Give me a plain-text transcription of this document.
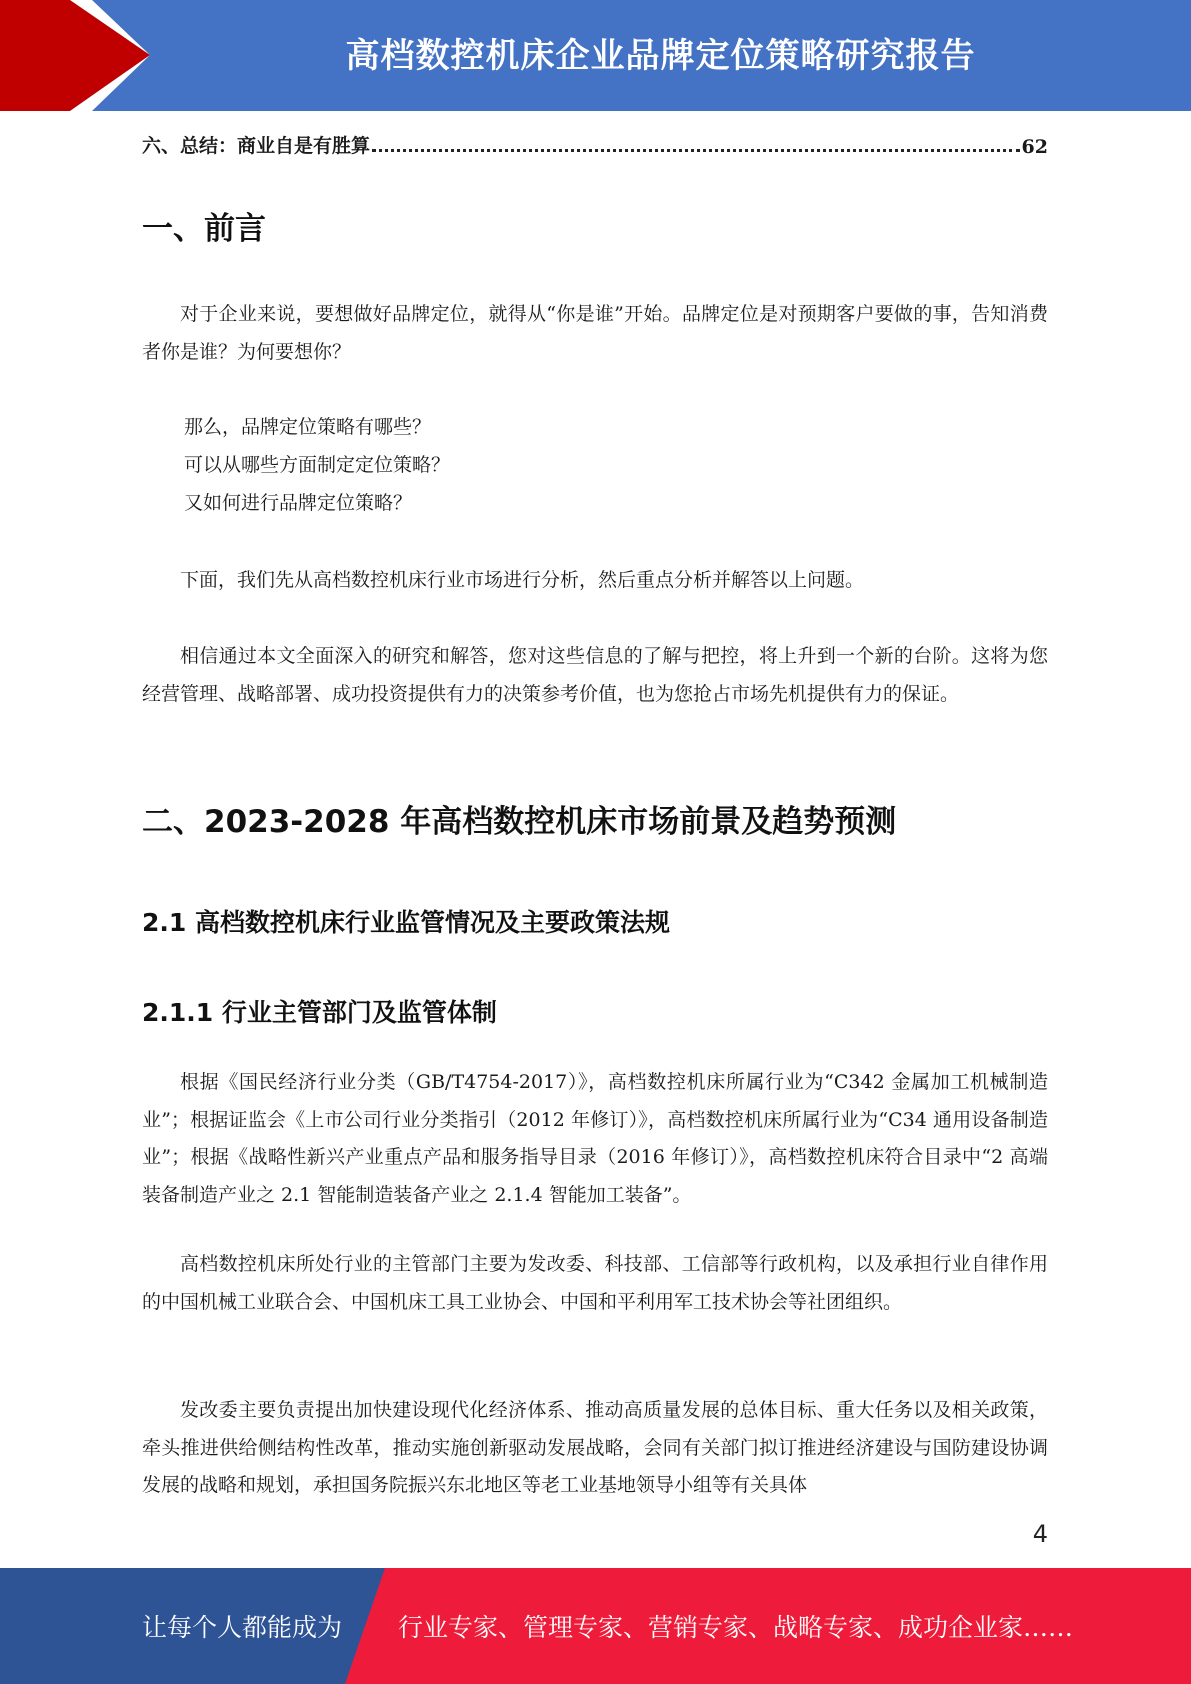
高档数控机床企业品牌定位策略研究报告
六、总结：商业自是有胜算	62
一、前言

对于企业来说，要想做好品牌定位，就得从“你是谁”开始。品牌定位是对预期客户要做的事，告知消费者你是谁？为何要想你？

那么，品牌定位策略有哪些？
可以从哪些方面制定定位策略？
又如何进行品牌定位策略？

下面，我们先从高档数控机床行业市场进行分析，然后重点分析并解答以上问题。

相信通过本文全面深入的研究和解答，您对这些信息的了解与把控，将上升到一个新的台阶。这将为您经营管理、战略部署、成功投资提供有力的决策参考价值，也为您抢占市场先机提供有力的保证。

二、2023-2028 年高档数控机床市场前景及趋势预测
2.1 高档数控机床行业监管情况及主要政策法规
2.1.1 行业主管部门及监管体制

根据《国民经济行业分类（GB/T4754-2017）》，高档数控机床所属行业为“C342 金属加工机械制造业”；根据证监会《上市公司行业分类指引（2012 年修订）》，高档数控机床所属行业为“C34 通用设备制造业”；根据《战略性新兴产业重点产品和服务指导目录（2016 年修订）》，高档数控机床符合目录中“2 高端装备制造产业之 2.1 智能制造装备产业之 2.1.4 智能加工装备”。

高档数控机床所处行业的主管部门主要为发改委、科技部、工信部等行政机构，以及承担行业自律作用的中国机械工业联合会、中国机床工具工业协会、中国和平利用军工技术协会等社团组织。

发改委主要负责提出加快建设现代化经济体系、推动高质量发展的总体目标、重大任务以及相关政策，牵头推进供给侧结构性改革，推动实施创新驱动发展战略，会同有关部门拟订推进经济建设与国防建设协调发展的战略和规划，承担国务院振兴东北地区等老工业基地领导小组等有关具体

4
让每个人都能成为 行业专家、管理专家、营销专家、战略专家、成功企业家……
